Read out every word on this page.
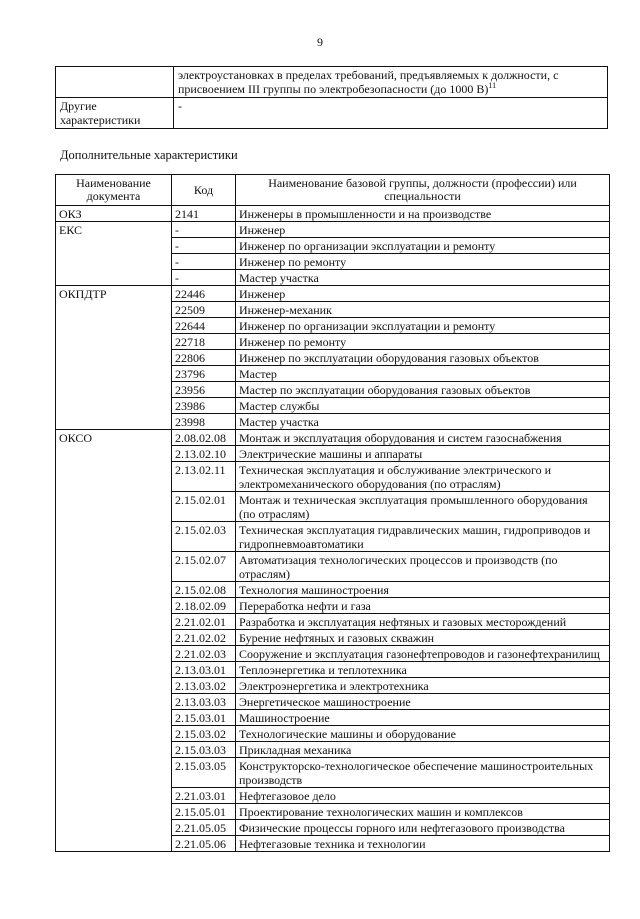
9
	электроустановках в пределах требований, предъявляемых к должности, с присвоением III группы по электробезопасности (до 1000 В)$^{11}$
Другие характеристики	-
Дополнительные характеристики
Наименование документа	Код	Наименование базовой группы, должности (профессии) или специальности
ОКЗ	2141	Инженеры в промышленности и на производстве
ЕКС	-	Инженер
	-	Инженер по организации эксплуатации и ремонту
	-	Инженер по ремонту
	-	Мастер участка
ОКПДТР	22446	Инженер
	22509	Инженер-механик
	22644	Инженер по организации эксплуатации и ремонту
	22718	Инженер по ремонту
	22806	Инженер по эксплуатации оборудования газовых объектов
	23796	Мастер
	23956	Мастер по эксплуатации оборудования газовых объектов
	23986	Мастер службы
	23998	Мастер участка
ОКСО	2.08.02.08	Монтаж и эксплуатация оборудования и систем газоснабжения
	2.13.02.10	Электрические машины и аппараты
	2.13.02.11	Техническая эксплуатация и обслуживание электрического и электромеханического оборудования (по отраслям)
	2.15.02.01	Монтаж и техническая эксплуатация промышленного оборудования (по отраслям)
	2.15.02.03	Техническая эксплуатация гидравлических машин, гидроприводов и гидропневмоавтоматики
	2.15.02.07	Автоматизация технологических процессов и производств (по отраслям)
	2.15.02.08	Технология машиностроения
	2.18.02.09	Переработка нефти и газа
	2.21.02.01	Разработка и эксплуатация нефтяных и газовых месторождений
	2.21.02.02	Бурение нефтяных и газовых скважин
	2.21.02.03	Сооружение и эксплуатация газонефтепроводов и газонефтехранилищ
	2.13.03.01	Теплоэнергетика и теплотехника
	2.13.03.02	Электроэнергетика и электротехника
	2.13.03.03	Энергетическое машиностроение
	2.15.03.01	Машиностроение
	2.15.03.02	Технологические машины и оборудование
	2.15.03.03	Прикладная механика
	2.15.03.05	Конструкторско-технологическое обеспечение машиностроительных производств
	2.21.03.01	Нефтегазовое дело
	2.15.05.01	Проектирование технологических машин и комплексов
	2.21.05.05	Физические процессы горного или нефтегазового производства
	2.21.05.06	Нефтегазовые техника и технологии
